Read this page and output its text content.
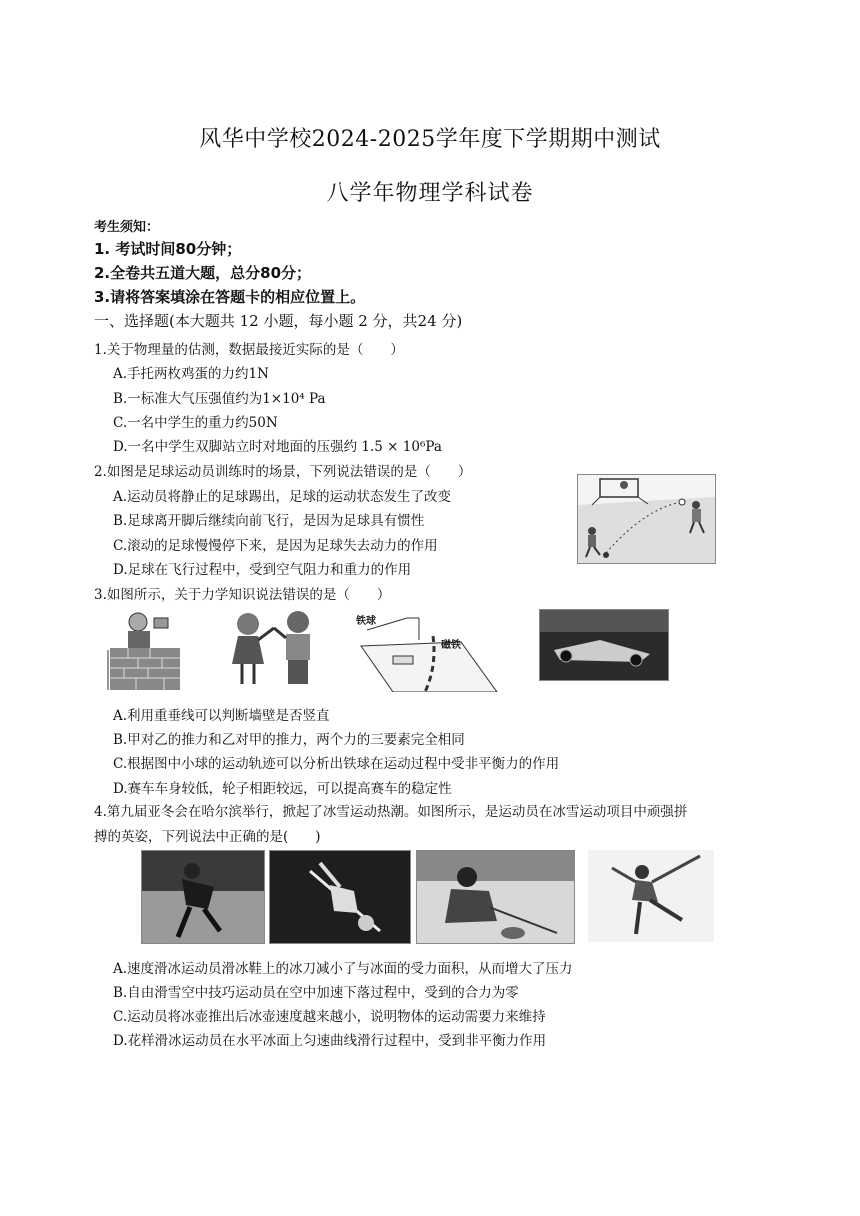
风华中学校2024-2025学年度下学期期中测试
八学年物理学科试卷
考生须知：
1. 考试时间80分钟；
2.全卷共五道大题，总分80分；
3.请将答案填涂在答题卡的相应位置上。
一、选择题(本大题共 12 小题，每小题 2 分，共24 分)
1.关于物理量的估测，数据最接近实际的是（　　）
A.手托两枚鸡蛋的力约1N
B.一标准大气压强值约为1×10⁴ Pa
C.一名中学生的重力约50N
D.一名中学生双脚站立时对地面的压强约 1.5 × 10⁶Pa
2.如图是足球运动员训练时的场景，下列说法错误的是（　　）
A.运动员将静止的足球踢出，足球的运动状态发生了改变
B.足球离开脚后继续向前飞行，是因为足球具有惯性
C.滚动的足球慢慢停下来，是因为足球失去动力的作用
D.足球在飞行过程中，受到空气阻力和重力的作用
3.如图所示，关于力学知识说法错误的是（　　）
铁球
磁铁
A.利用重垂线可以判断墙壁是否竖直
B.甲对乙的推力和乙对甲的推力，两个力的三要素完全相同
C.根据图中小球的运动轨迹可以分析出铁球在运动过程中受非平衡力的作用
D.赛车车身较低，轮子相距较远，可以提高赛车的稳定性
4.第九届亚冬会在哈尔滨举行，掀起了冰雪运动热潮。如图所示，是运动员在冰雪运动项目中顽强拼
搏的英姿，下列说法中正确的是(　　)
A.速度滑冰运动员滑冰鞋上的冰刀减小了与冰面的受力面积，从而增大了压力
B.自由滑雪空中技巧运动员在空中加速下落过程中，受到的合力为零
C.运动员将冰壶推出后冰壶速度越来越小，说明物体的运动需要力来维持
D.花样滑冰运动员在水平冰面上匀速曲线滑行过程中，受到非平衡力作用
